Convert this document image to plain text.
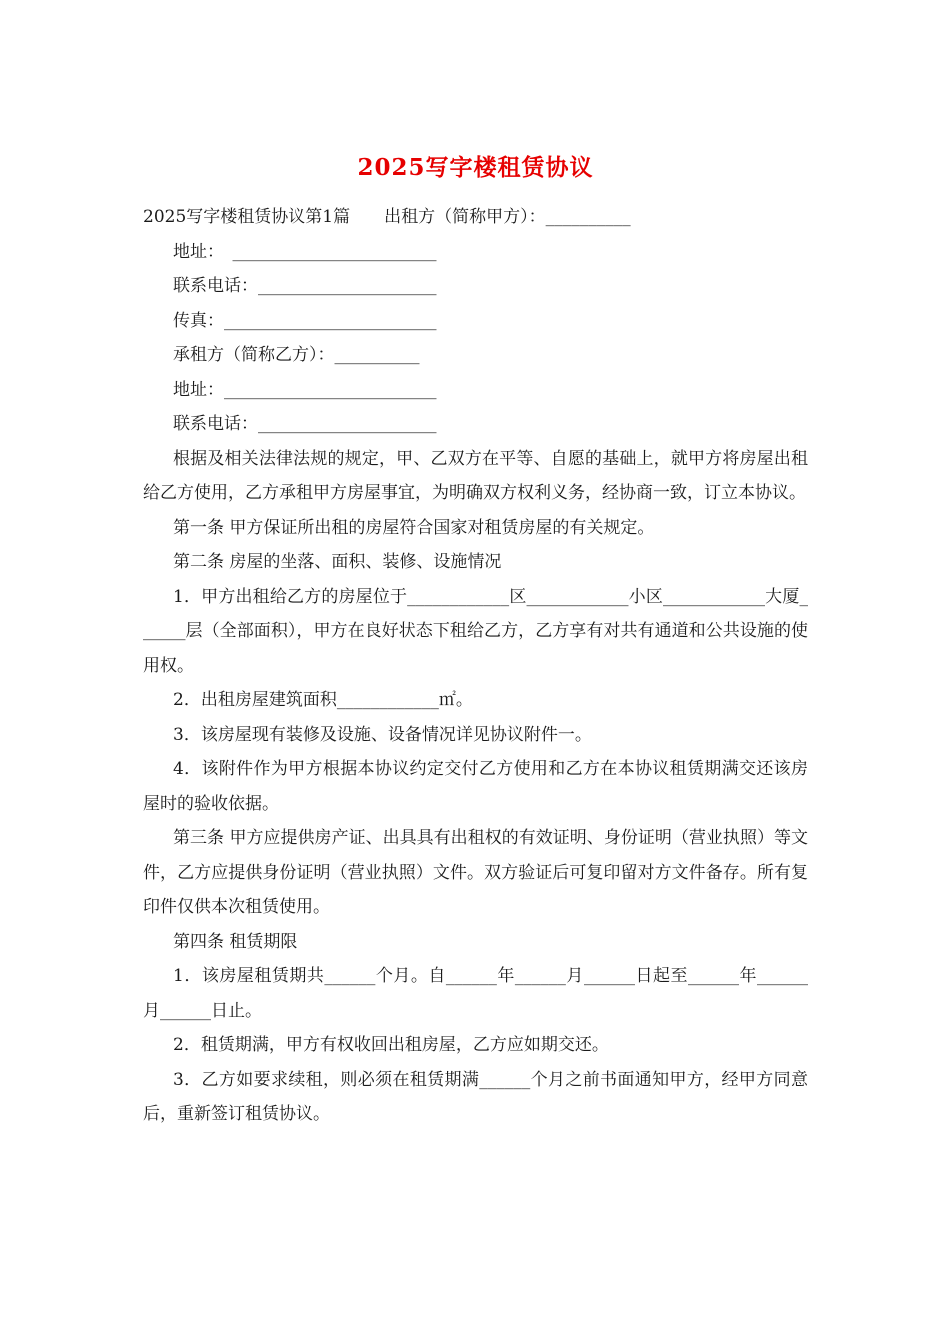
2025写字楼租赁协议

2025写字楼租赁协议第1篇　　出租方（简称甲方）：__________

地址：　________________________

联系电话：_____________________

传真：_________________________

承租方（简称乙方）：__________

地址：_________________________

联系电话：_____________________

根据及相关法律法规的规定，甲、乙双方在平等、自愿的基础上，就甲方将房屋出租给乙方使用，乙方承租甲方房屋事宜，为明确双方权利义务，经协商一致，订立本协议。

第一条 甲方保证所出租的房屋符合国家对租赁房屋的有关规定。

第二条 房屋的坐落、面积、装修、设施情况

1．甲方出租给乙方的房屋位于____________区____________小区____________大厦______层（全部面积），甲方在良好状态下租给乙方，乙方享有对共有通道和公共设施的使用权。

2．出租房屋建筑面积____________㎡。

3．该房屋现有装修及设施、设备情况详见协议附件一。

4．该附件作为甲方根据本协议约定交付乙方使用和乙方在本协议租赁期满交还该房屋时的验收依据。

第三条 甲方应提供房产证、出具具有出租权的有效证明、身份证明（营业执照）等文件，乙方应提供身份证明（营业执照）文件。双方验证后可复印留对方文件备存。所有复印件仅供本次租赁使用。

第四条 租赁期限

1．该房屋租赁期共______个月。自______年______月______日起至______年______月______日止。

2．租赁期满，甲方有权收回出租房屋，乙方应如期交还。

3．乙方如要求续租，则必须在租赁期满______个月之前书面通知甲方，经甲方同意后，重新签订租赁协议。
